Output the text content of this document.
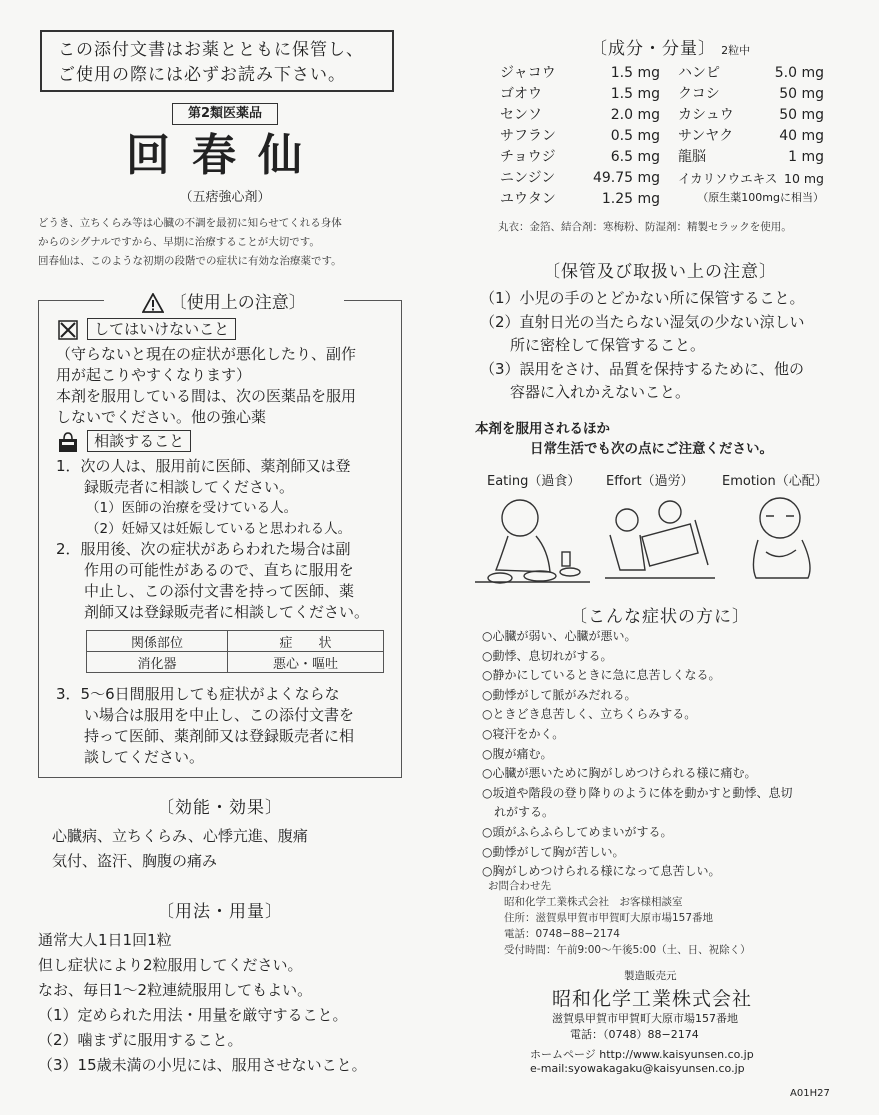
この添付文書はお薬とともに保管し、
ご使用の際には必ずお読み下さい。
第2類医薬品
回春仙
（五痞強心剤）
どうき、立ちくらみ等は心臓の不調を最初に知らせてくれる身体
からのシグナルですから、早期に治療することが大切です。
回春仙は、このような初期の段階での症状に有効な治療薬です。
〔使用上の注意〕
してはいけないこと
（守らないと現在の症状が悪化したり、副作
用が起こりやすくなります）
本剤を服用している間は、次の医薬品を服用
しないでください。他の強心薬
相談すること
1．次の人は、服用前に医師、薬剤師又は登
録販売者に相談してください。
（1）医師の治療を受けている人。
（2）妊婦又は妊娠していると思われる人。
2．服用後、次の症状があらわれた場合は副
作用の可能性があるので、直ちに服用を
中止し、この添付文書を持って医師、薬
剤師又は登録販売者に相談してください。
関係部位	症　　状
消化器	悪心・嘔吐
3．5〜6日間服用しても症状がよくならな
い場合は服用を中止し、この添付文書を
持って医師、薬剤師又は登録販売者に相
談してください。
〔効能・効果〕
心臓病、立ちくらみ、心悸亢進、腹痛
気付、盗汗、胸腹の痛み
〔用法・用量〕
通常大人1日1回1粒
但し症状により2粒服用してください。
なお、毎日1〜2粒連続服用してもよい。
（1）定められた用法・用量を厳守すること。
（2）噛まずに服用すること。
（3）15歳未満の小児には、服用させないこと。
〔成分・分量〕 2粒中
ジャコウ	1.5 mg
ゴオウ	1.5 mg
センソ	2.0 mg
サフラン	0.5 mg
チョウジ	6.5 mg
ニンジン	49.75 mg
ユウタン	1.25 mg
ハンピ	5.0 mg
クコシ	50 mg
カシュウ	50 mg
サンヤク	40 mg
龍脳	1 mg
イカリソウエキス 10 mg
（原生薬100mgに相当）
丸衣：金箔、結合剤：寒梅粉、防湿剤：精製セラックを使用。
〔保管及び取扱い上の注意〕
（1）小児の手のとどかない所に保管すること。
（2）直射日光の当たらない湿気の少ない涼しい
　　所に密栓して保管すること。
（3）誤用をさけ、品質を保持するために、他の
　　容器に入れかえないこと。
本剤を服用されるほか
日常生活でも次の点にご注意ください。
Eating（過食） Effort（過労） Emotion（心配）
〔こんな症状の方に〕
○心臓が弱い、心臓が悪い。
○動悸、息切れがする。
○静かにしているときに急に息苦しくなる。
○動悸がして脈がみだれる。
○ときどき息苦しく、立ちくらみする。
○寝汗をかく。
○腹が痛む。
○心臓が悪いために胸がしめつけられる様に痛む。
○坂道や階段の登り降りのように体を動かすと動悸、息切
　れがする。
○頭がふらふらしてめまいがする。
○動悸がして胸が苦しい。
○胸がしめつけられる様になって息苦しい。
お問合わせ先
昭和化学工業株式会社　お客様相談室
住所：滋賀県甲賀市甲賀町大原市場157番地
電話：0748−88−2174
受付時間：午前9:00〜午後5:00（土、日、祝除く）
製造販売元
昭和化学工業株式会社
滋賀県甲賀市甲賀町大原市場157番地
電話：（0748）88−2174
ホームページ http://www.kaisyunsen.co.jp
e-mail:syowakagaku@kaisyunsen.co.jp
A01H27
